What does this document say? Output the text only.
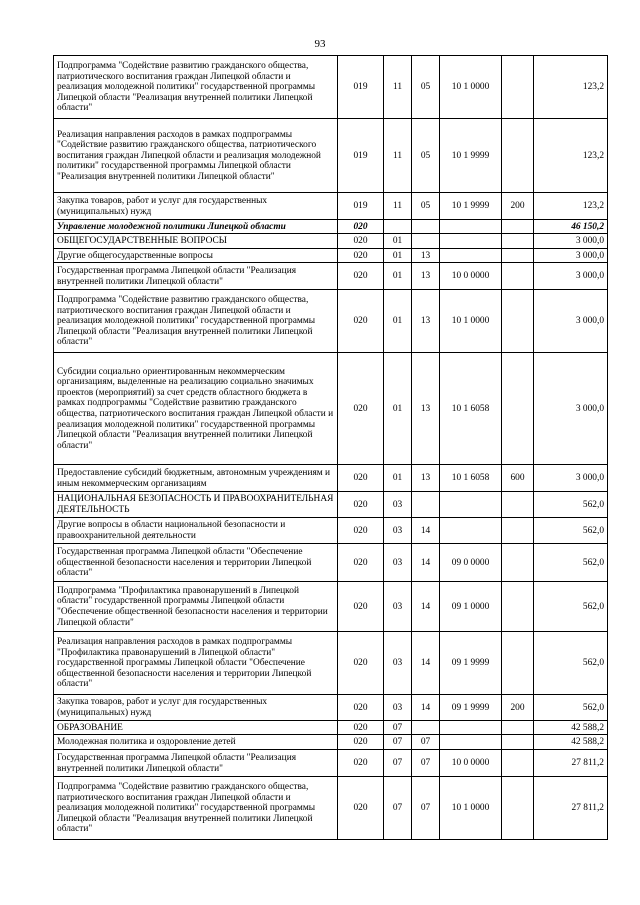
93
Подпрограмма "Содействие развитию гражданского общества, патриотического воспитания граждан Липецкой области и реализация молодежной политики" государственной программы Липецкой области "Реализация внутренней политики Липецкой области"	019	11	05	10 1 0000		123,2
Реализация направления расходов в рамках подпрограммы "Содействие развитию гражданского общества, патриотического воспитания граждан Липецкой области и реализация молодежной политики" государственной программы Липецкой области "Реализация внутренней политики Липецкой области"	019	11	05	10 1 9999		123,2
Закупка товаров, работ и услуг для государственных (муниципальных) нужд	019	11	05	10 1 9999	200	123,2
Управление молодежной политики Липецкой области	020					46 150,2
ОБЩЕГОСУДАРСТВЕННЫЕ ВОПРОСЫ	020	01				3 000,0
Другие общегосударственные вопросы	020	01	13			3 000,0
Государственная программа Липецкой области "Реализация внутренней политики Липецкой области"	020	01	13	10 0 0000		3 000,0
Подпрограмма "Содействие развитию гражданского общества, патриотического воспитания граждан Липецкой области и реализация молодежной политики" государственной программы Липецкой области "Реализация внутренней политики Липецкой области"	020	01	13	10 1 0000		3 000,0
Субсидии социально ориентированным некоммерческим организациям, выделенные на реализацию социально значимых проектов (мероприятий) за счет средств областного бюджета в рамках подпрограммы "Содействие развитию гражданского общества, патриотического воспитания граждан Липецкой области и реализация молодежной политики" государственной программы Липецкой области "Реализация внутренней политики Липецкой области"	020	01	13	10 1 6058		3 000,0
Предоставление субсидий бюджетным, автономным учреждениям и иным некоммерческим организациям	020	01	13	10 1 6058	600	3 000,0
НАЦИОНАЛЬНАЯ БЕЗОПАСНОСТЬ И ПРАВООХРАНИТЕЛЬНАЯ ДЕЯТЕЛЬНОСТЬ	020	03				562,0
Другие вопросы в области национальной безопасности и правоохранительной деятельности	020	03	14			562,0
Государственная программа Липецкой области "Обеспечение общественной безопасности населения и территории Липецкой области"	020	03	14	09 0 0000		562,0
Подпрограмма "Профилактика правонарушений в Липецкой области" государственной программы Липецкой области "Обеспечение общественной безопасности населения и территории Липецкой области"	020	03	14	09 1 0000		562,0
Реализация направления расходов в рамках подпрограммы "Профилактика правонарушений в Липецкой области" государственной программы Липецкой области "Обеспечение общественной безопасности населения и территории Липецкой области"	020	03	14	09 1 9999		562,0
Закупка товаров, работ и услуг для государственных (муниципальных) нужд	020	03	14	09 1 9999	200	562,0
ОБРАЗОВАНИЕ	020	07				42 588,2
Молодежная политика и оздоровление детей	020	07	07			42 588,2
Государственная программа Липецкой области "Реализация внутренней политики Липецкой области"	020	07	07	10 0 0000		27 811,2
Подпрограмма "Содействие развитию гражданского общества, патриотического воспитания граждан Липецкой области и реализация молодежной политики" государственной программы Липецкой области "Реализация внутренней политики Липецкой области"	020	07	07	10 1 0000		27 811,2
